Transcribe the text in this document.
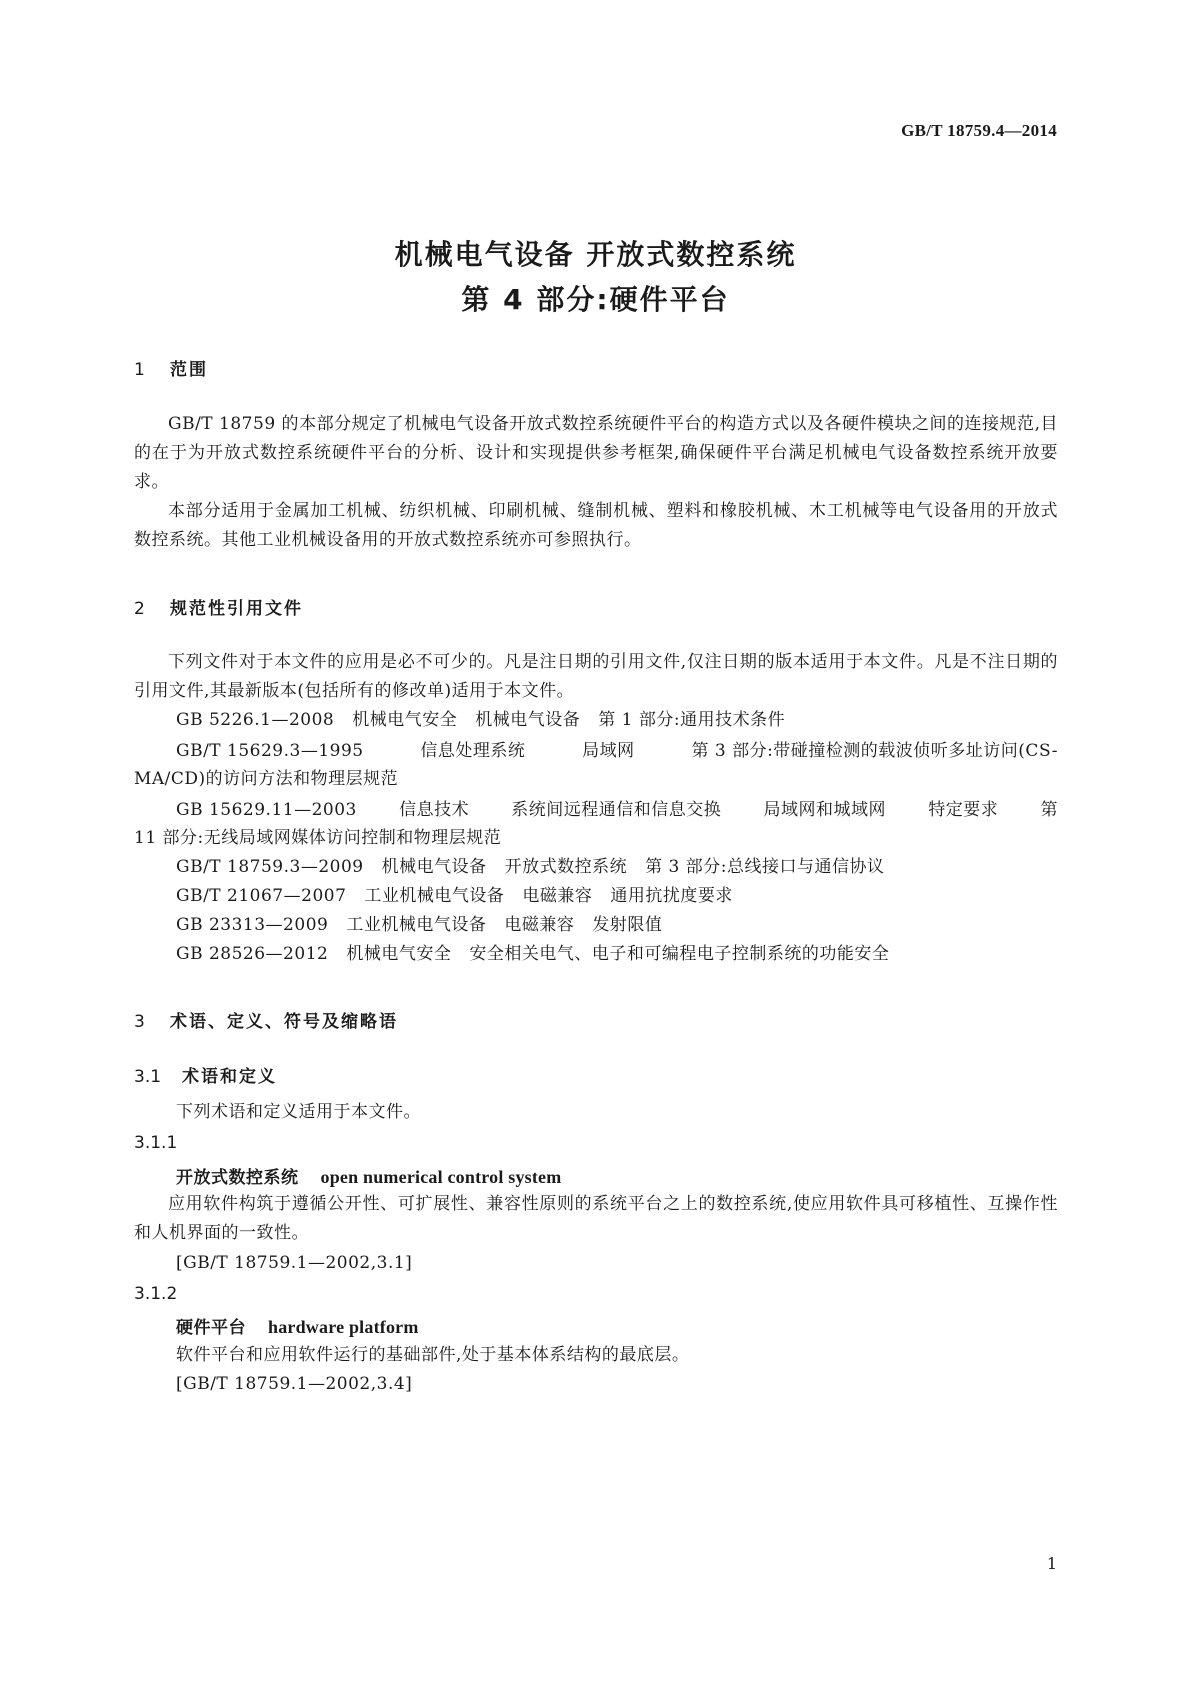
GB/T 18759.4—2014
机械电气设备 开放式数控系统
第 4 部分:硬件平台
1 范围

GB/T 18759 的本部分规定了机械电气设备开放式数控系统硬件平台的构造方式以及各硬件模块之间的连接规范,目的在于为开放式数控系统硬件平台的分析、设计和实现提供参考框架,确保硬件平台满足机械电气设备数控系统开放要求。

本部分适用于金属加工机械、纺织机械、印刷机械、缝制机械、塑料和橡胶机械、木工机械等电气设备用的开放式数控系统。其他工业机械设备用的开放式数控系统亦可参照执行。

2 规范性引用文件

下列文件对于本文件的应用是必不可少的。凡是注日期的引用文件,仅注日期的版本适用于本文件。凡是不注日期的引用文件,其最新版本(包括所有的修改单)适用于本文件。

GB 5226.1—2008 机械电气安全 机械电气设备 第 1 部分:通用技术条件
GB/T 15629.3—1995	信息处理系统	局域网	第 3 部分:带碰撞检测的载波侦听多址访问(CS-
MA/CD)的访问方法和物理层规范
GB 15629.11—2003 信息技术 系统间远程通信和信息交换 局域网和城域网 特定要求 第
11 部分:无线局域网媒体访问控制和物理层规范
GB/T 18759.3—2009 机械电气设备 开放式数控系统 第 3 部分:总线接口与通信协议
GB/T 21067—2007 工业机械电气设备 电磁兼容 通用抗扰度要求
GB 23313—2009 工业机械电气设备 电磁兼容 发射限值
GB 28526—2012 机械电气安全 安全相关电气、电子和可编程电子控制系统的功能安全
3 术语、定义、符号及缩略语
3.1 术语和定义
下列术语和定义适用于本文件。
3.1.1
开放式数控系统 open numerical control system

应用软件构筑于遵循公开性、可扩展性、兼容性原则的系统平台之上的数控系统,使应用软件具可移植性、互操作性和人机界面的一致性。

[GB/T 18759.1—2002,3.1]
3.1.2
硬件平台 hardware platform
软件平台和应用软件运行的基础部件,处于基本体系结构的最底层。
[GB/T 18759.1—2002,3.4]
1
